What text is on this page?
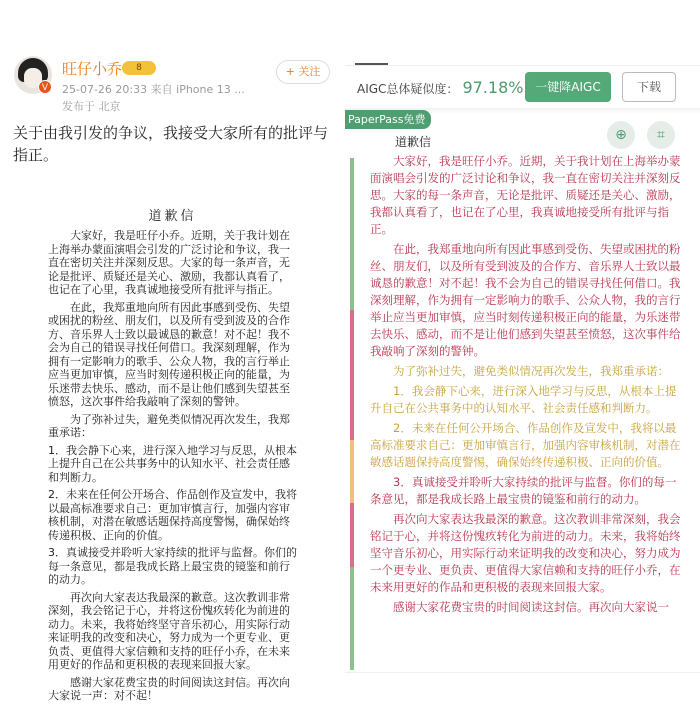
V
旺仔小乔	8
25-07-26 20:33 来自 iPhone 13 ...
发布于 北京
+ 关注
关于由我引发的争议，我接受大家所有的批评与指正。
道歉信

大家好，我是旺仔小乔。近期，关于我计划在上海举办蒙面演唱会引发的广泛讨论和争议，我一直在密切关注并深刻反思。大家的每一条声音，无论是批评、质疑还是关心、激励，我都认真看了，也记在了心里，我真诚地接受所有批评与指正。

在此，我郑重地向所有因此事感到受伤、失望或困扰的粉丝、朋友们，以及所有受到波及的合作方、音乐界人士致以最诚恳的歉意！对不起！我不会为自己的错误寻找任何借口。我深刻理解，作为拥有一定影响力的歌手、公众人物，我的言行举止应当更加审慎，应当时刻传递积极正向的能量，为乐迷带去快乐、感动，而不是让他们感到失望甚至愤怒，这次事件给我敲响了深刻的警钟。

为了弥补过失，避免类似情况再次发生，我郑重承诺：

1．我会静下心来，进行深入地学习与反思，从根本上提升自己在公共事务中的认知水平、社会责任感和判断力。

2．未来在任何公开场合、作品创作及宣发中，我将以最高标准要求自己：更加审慎言行，加强内容审核机制，对潜在敏感话题保持高度警惕，确保始终传递积极、正向的价值。

3．真诚接受并聆听大家持续的批评与监督。你们的每一条意见，都是我成长路上最宝贵的镜鉴和前行的动力。

再次向大家表达我最深的歉意。这次教训非常深刻，我会铭记于心，并将这份愧疚转化为前进的动力。未来，我将始终坚守音乐初心，用实际行动来证明我的改变和决心，努力成为一个更专业、更负责、更值得大家信赖和支持的旺仔小乔，在未来用更好的作品和更积极的表现来回报大家。

感谢大家花费宝贵的时间阅读这封信。再次向大家说一声：对不起！

AIGC总体疑似度： 97.18% 一键降AIGC	下载
PaperPass免费版	⊕	⌗
道歉信

大家好，我是旺仔小乔。近期，关于我计划在上海举办蒙面演唱会引发的广泛讨论和争议，我一直在密切关注并深刻反思。大家的每一条声音，无论是批评、质疑还是关心、激励，我都认真看了，也记在了心里，我真诚地接受所有批评与指正。

在此，我郑重地向所有因此事感到受伤、失望或困扰的粉丝、朋友们，以及所有受到波及的合作方、音乐界人士致以最诚恳的歉意！对不起！我不会为自己的错误寻找任何借口。我深刻理解，作为拥有一定影响力的歌手、公众人物，我的言行举止应当更加审慎，应当时刻传递积极正向的能量，为乐迷带去快乐、感动，而不是让他们感到失望甚至愤怒，这次事件给我敲响了深刻的警钟。

为了弥补过失，避免类似情况再次发生，我郑重承诺：

1．我会静下心来，进行深入地学习与反思，从根本上提升自己在公共事务中的认知水平、社会责任感和判断力。

2．未来在任何公开场合、作品创作及宣发中，我将以最高标准要求自己：更加审慎言行，加强内容审核机制，对潜在敏感话题保持高度警惕，确保始终传递积极、正向的价值。

3．真诚接受并聆听大家持续的批评与监督。你们的每一条意见，都是我成长路上最宝贵的镜鉴和前行的动力。

再次向大家表达我最深的歉意。这次教训非常深刻，我会铭记于心，并将这份愧疚转化为前进的动力。未来，我将始终坚守音乐初心，用实际行动来证明我的改变和决心，努力成为一个更专业、更负责、更值得大家信赖和支持的旺仔小乔，在未来用更好的作品和更积极的表现来回报大家。

感谢大家花费宝贵的时间阅读这封信。再次向大家说一
